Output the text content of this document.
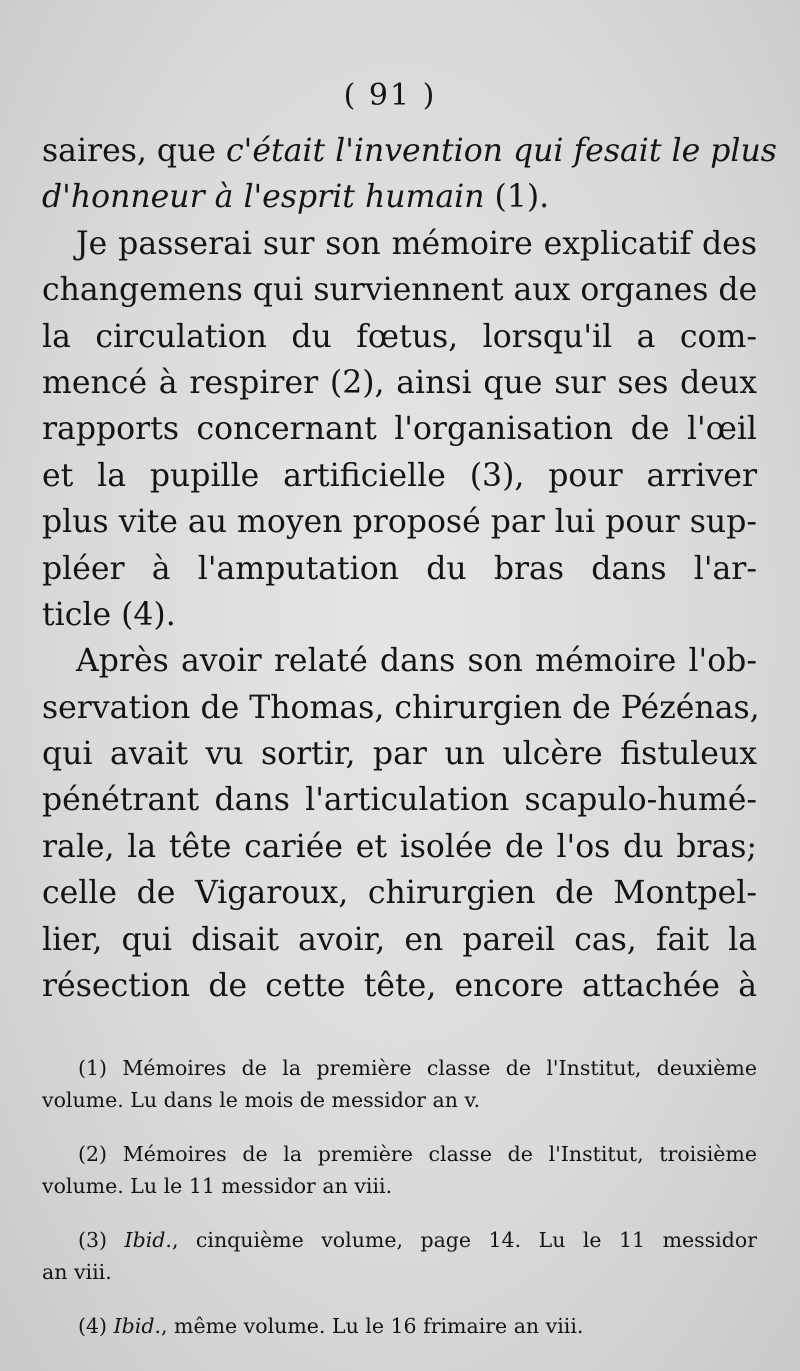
( 91 )
saires, que c'était l'invention qui fesait le plus
d'honneur à l'esprit humain (1).
Je passerai sur son mémoire explicatif des
changemens qui surviennent aux organes de
la circulation du fœtus, lorsqu'il a com-
mencé à respirer (2), ainsi que sur ses deux
rapports concernant l'organisation de l'œil
et la pupille artificielle (3), pour arriver
plus vite au moyen proposé par lui pour sup-
pléer à l'amputation du bras dans l'ar-
ticle (4).
Après avoir relaté dans son mémoire l'ob-
servation de Thomas, chirurgien de Pézénas,
qui avait vu sortir, par un ulcère fistuleux
pénétrant dans l'articulation scapulo-humé-
rale, la tête cariée et isolée de l'os du bras;
celle de Vigaroux, chirurgien de Montpel-
lier, qui disait avoir, en pareil cas, fait la
résection de cette tête, encore attachée à
(1) Mémoires de la première classe de l'Institut, deuxième
volume. Lu dans le mois de messidor an v.
(2) Mémoires de la première classe de l'Institut, troisième
volume. Lu le 11 messidor an viii.
(3) Ibid., cinquième volume, page 14. Lu le 11 messidor
an viii.
(4) Ibid., même volume. Lu le 16 frimaire an viii.
